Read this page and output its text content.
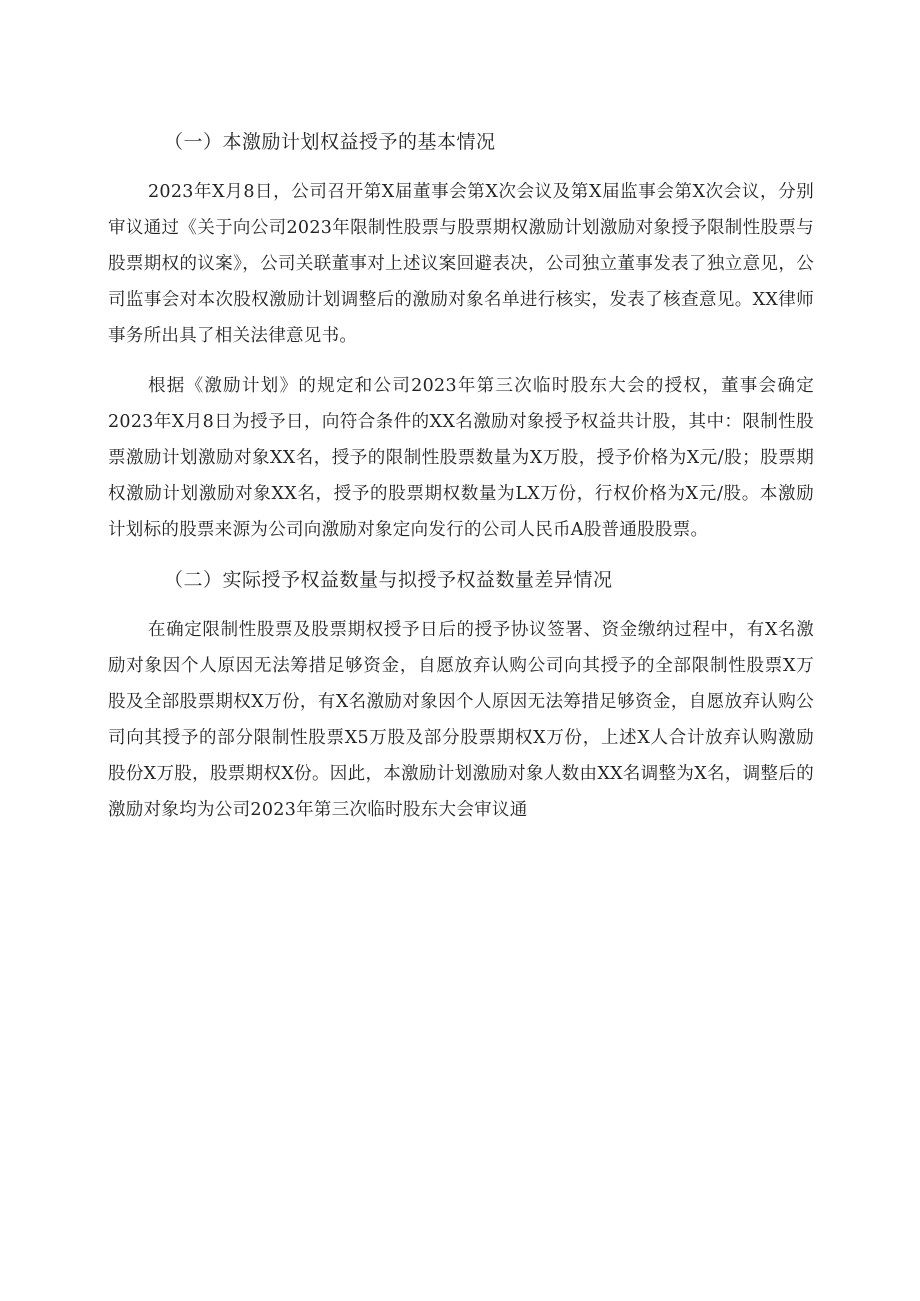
（一）本激励计划权益授予的基本情况

2023年X月8日，公司召开第X届董事会第X次会议及第X届监事会第X次会议，分别审议通过《关于向公司2023年限制性股票与股票期权激励计划激励对象授予限制性股票与股票期权的议案》，公司关联董事对上述议案回避表决，公司独立董事发表了独立意见，公司监事会对本次股权激励计划调整后的激励对象名单进行核实，发表了核查意见。XX律师事务所出具了相关法律意见书。

根据《激励计划》的规定和公司2023年第三次临时股东大会的授权，董事会确定2023年X月8日为授予日，向符合条件的XX名激励对象授予权益共计股，其中：限制性股票激励计划激励对象XX名，授予的限制性股票数量为X万股，授予价格为X元/股；股票期权激励计划激励对象XX名，授予的股票期权数量为LX万份，行权价格为X元/股。本激励计划标的股票来源为公司向激励对象定向发行的公司人民币A股普通股股票。

（二）实际授予权益数量与拟授予权益数量差异情况

在确定限制性股票及股票期权授予日后的授予协议签署、资金缴纳过程中，有X名激励对象因个人原因无法筹措足够资金，自愿放弃认购公司向其授予的全部限制性股票X万股及全部股票期权X万份，有X名激励对象因个人原因无法筹措足够资金，自愿放弃认购公司向其授予的部分限制性股票X5万股及部分股票期权X万份，上述X人合计放弃认购激励股份X万股，股票期权X份。因此，本激励计划激励对象人数由XX名调整为X名，调整后的激励对象均为公司2023年第三次临时股东大会审议通
